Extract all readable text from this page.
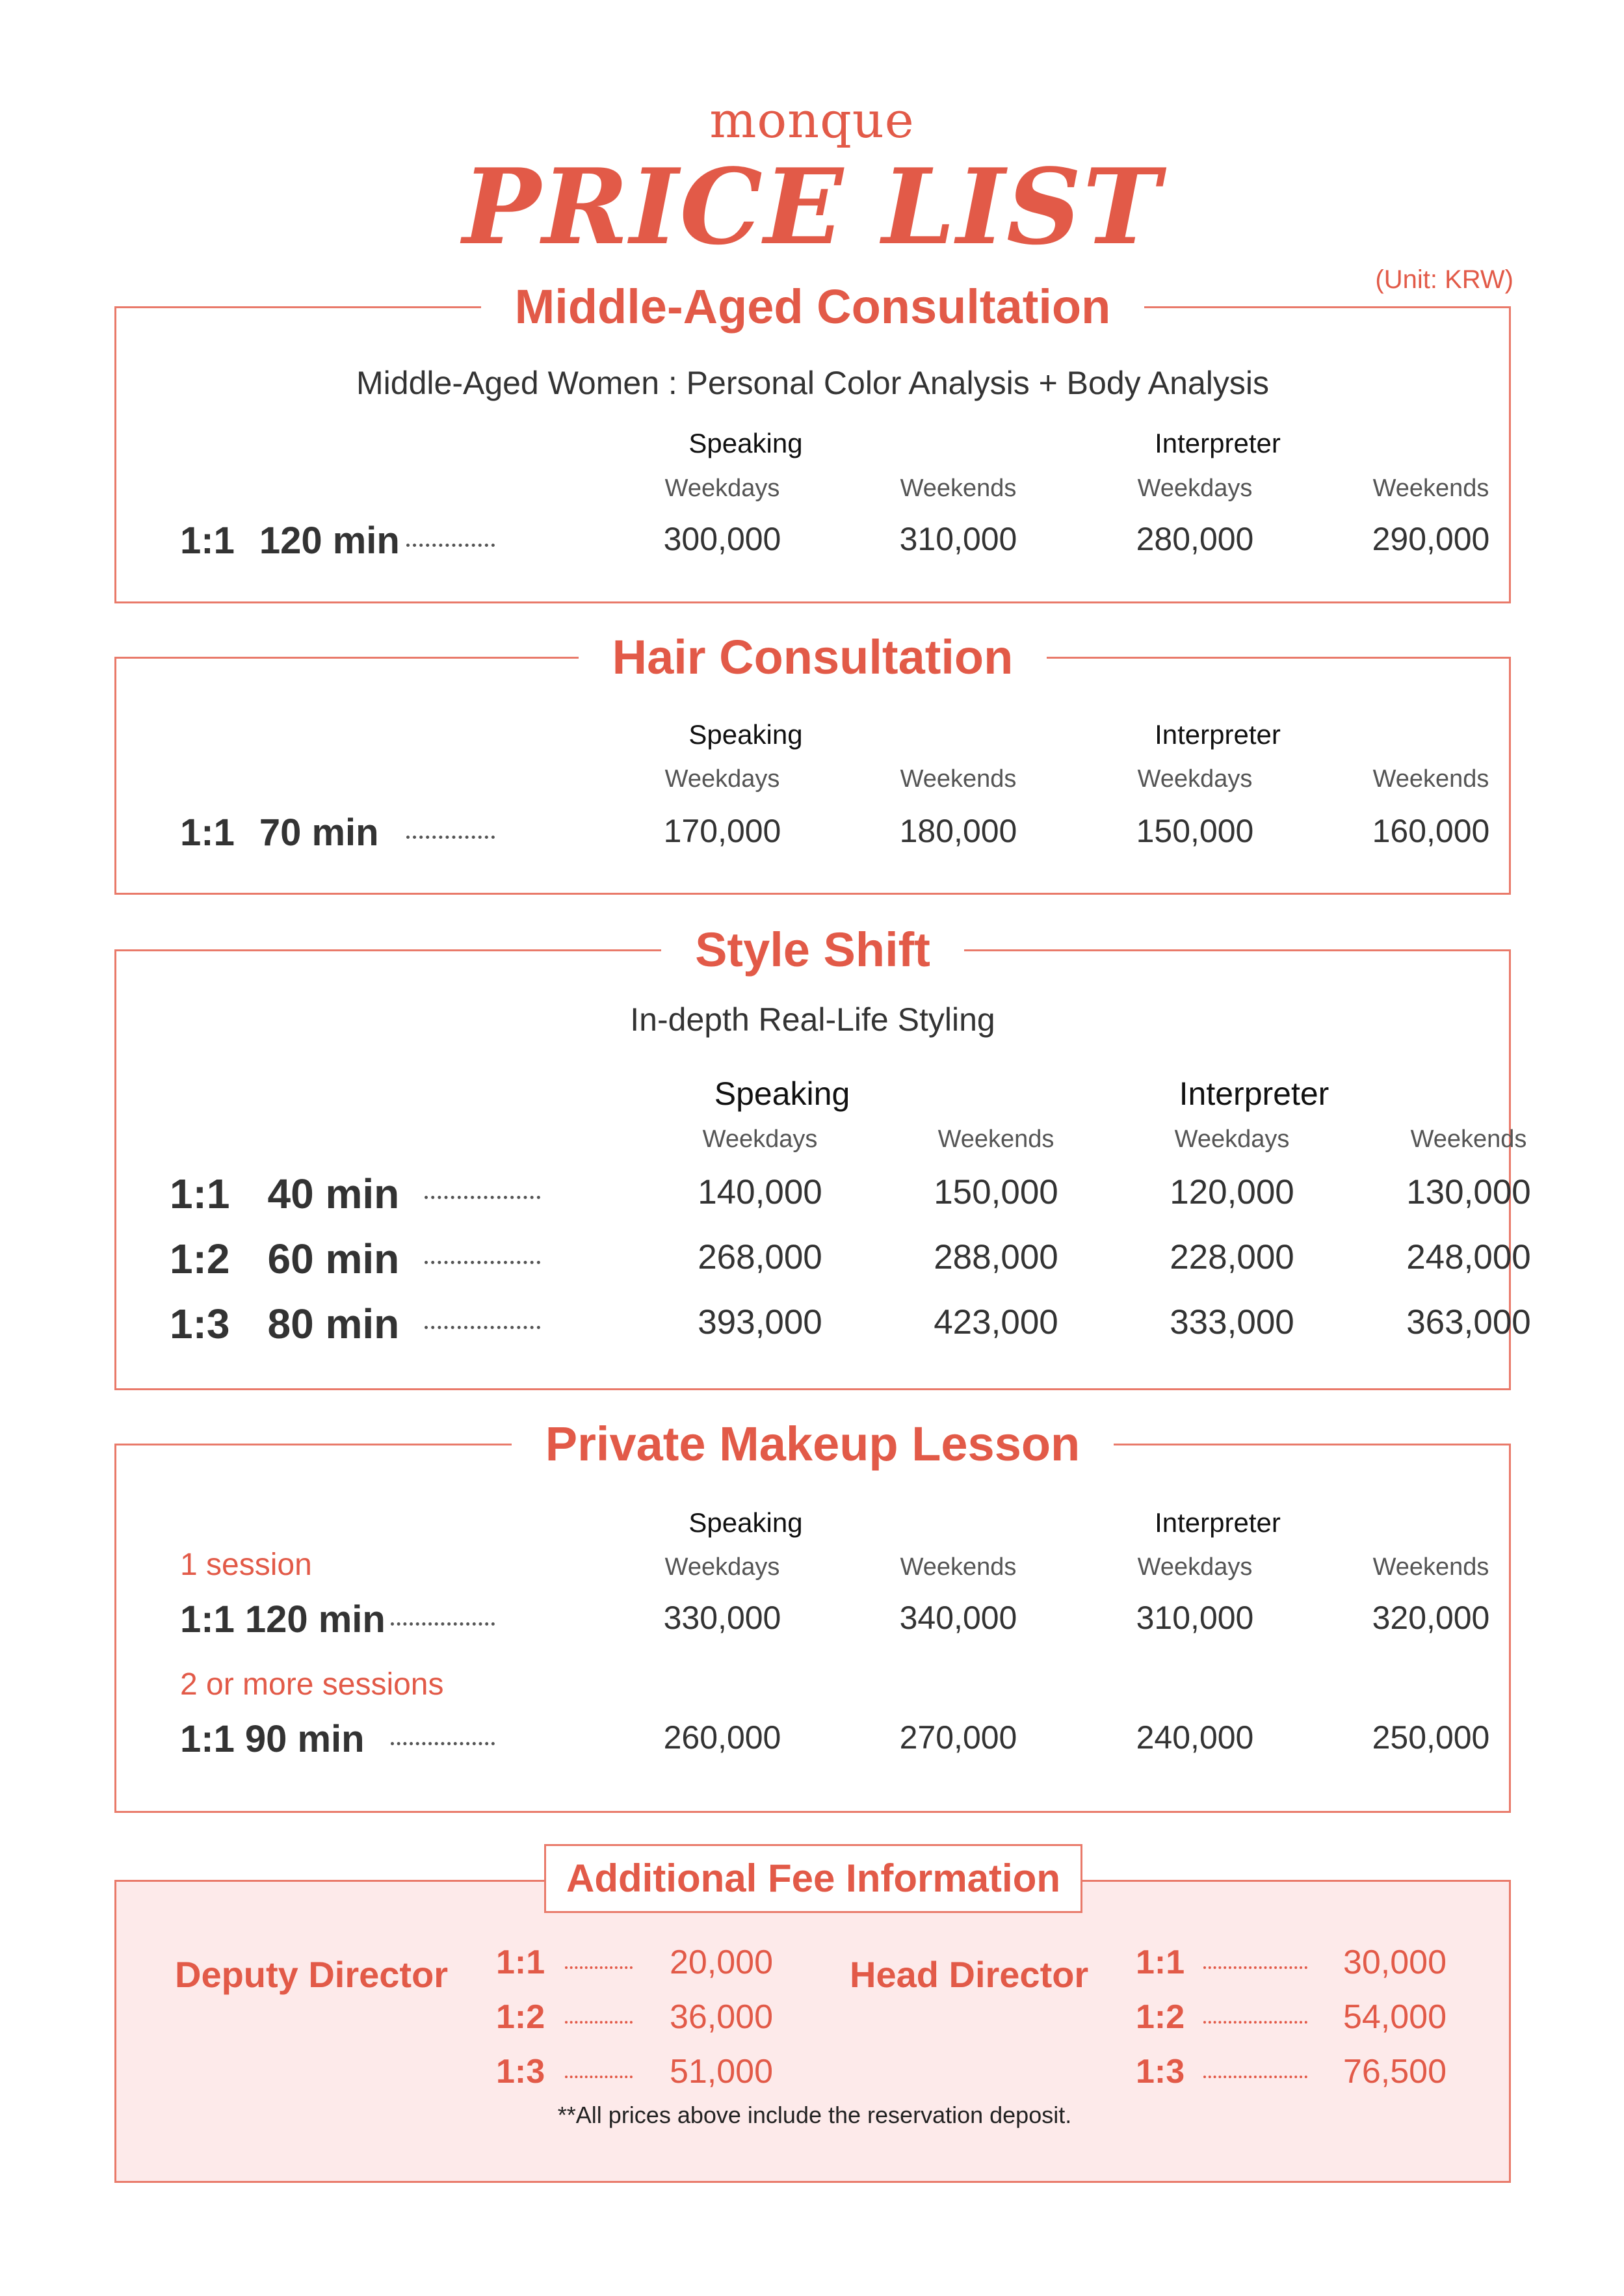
monque
PRICE LIST
(Unit: KRW)
Middle-Aged Consultation
Middle-Aged Women : Personal Color Analysis + Body Analysis
Speaking	Interpreter
Weekdays	Weekends	Weekdays	Weekends
1:1 120 min	300,000	310,000	280,000	290,000
Hair Consultation
Speaking	Interpreter
Weekdays	Weekends	Weekdays	Weekends
1:1 70 min	170,000	180,000	150,000	160,000
Style Shift
In-depth Real-Life Styling
Speaking	Interpreter
Weekdays	Weekends	Weekdays	Weekends
1:1 40 min	140,000	150,000	120,000	130,000
1:2 60 min	268,000	288,000	228,000	248,000
1:3 80 min	393,000	423,000	333,000	363,000
Private Makeup Lesson
Speaking	Interpreter
1 session	Weekdays	Weekends	Weekdays	Weekends
1:1 120 min	330,000	340,000	310,000	320,000
2 or more sessions
1:1 90 min	260,000	270,000	240,000	250,000
Deputy Director 1:1	20,000
1:2	36,000
1:3	51,000
Head Director 1:1	30,000
1:2	54,000
1:3	76,500
**All prices above include the reservation deposit.
Additional Fee Information
